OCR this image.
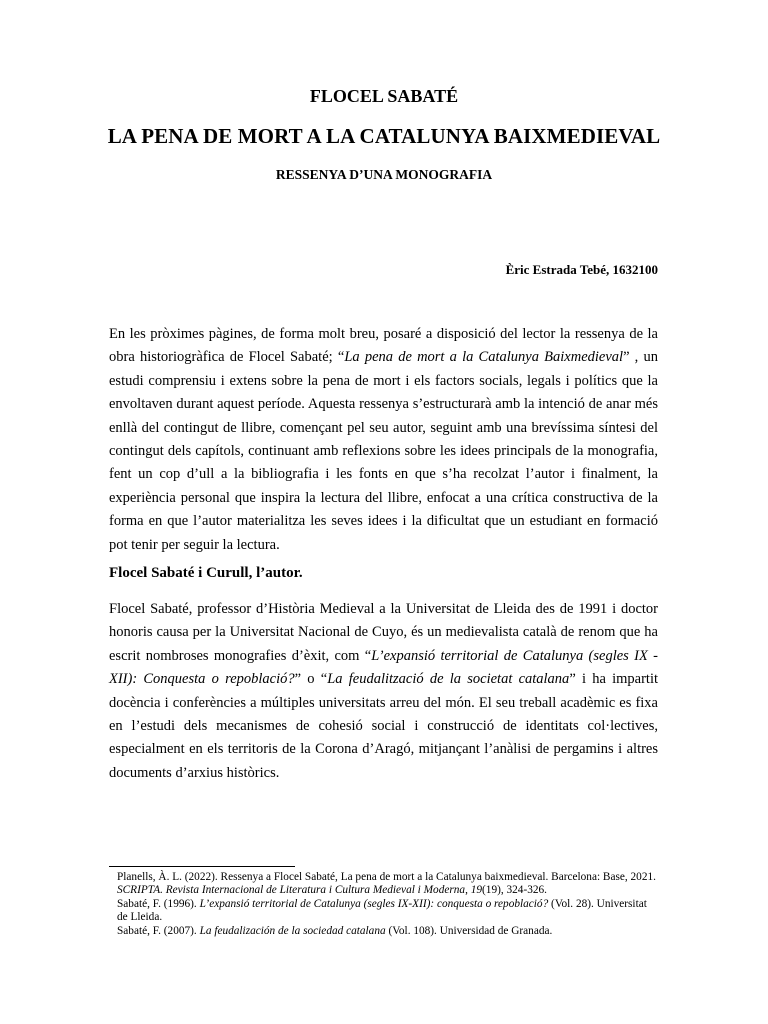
FLOCEL SABATÉ
LA PENA DE MORT A LA CATALUNYA BAIXMEDIEVAL
RESSENYA D’UNA MONOGRAFIA
Èric Estrada Tebé, 1632100

En les pròximes pàgines, de forma molt breu, posaré a disposició del lector la ressenya de la obra historiogràfica de Flocel Sabaté; “La pena de mort a la Catalunya Baixmedieval” , un estudi comprensiu i extens sobre la pena de mort i els factors socials, legals i polítics que la envoltaven durant aquest període. Aquesta ressenya s’estructurarà amb la intenció de anar més enllà del contingut de llibre, començant pel seu autor, seguint amb una brevíssima síntesi del contingut dels capítols, continuant amb reflexions sobre les idees principals de la monografia, fent un cop d’ull a la bibliografia i les fonts en que s’ha recolzat l’autor i finalment, la experiència personal que inspira la lectura del llibre, enfocat a una crítica constructiva de la forma en que l’autor materialitza les seves idees i la dificultat que un estudiant en formació pot tenir per seguir la lectura.

Flocel Sabaté i Curull, l’autor.

Flocel Sabaté, professor d’Història Medieval a la Universitat de Lleida des de 1991 i doctor honoris causa per la Universitat Nacional de Cuyo, és un medievalista català de renom que ha escrit nombroses monografies d’èxit, com “L’expansió territorial de Catalunya (segles IX -XII): Conquesta o repoblació?” o “La feudalització de la societat catalana” i ha impartit docència i conferències a múltiples universitats arreu del món. El seu treball acadèmic es fixa en l’estudi dels mecanismes de cohesió social i construcció de identitats col·lectives, especialment en els territoris de la Corona d’Aragó, mitjançant l’anàlisi de pergamins i altres documents d’arxius històrics.

Planells, À. L. (2022). Ressenya a Flocel Sabaté, La pena de mort a la Catalunya baixmedieval. Barcelona: Base, 2021. SCRIPTA. Revista Internacional de Literatura i Cultura Medieval i Moderna, 19(19), 324-326.

Sabaté, F. (1996). L’expansió territorial de Catalunya (segles IX-XII): conquesta o repoblació? (Vol. 28). Universitat de Lleida.

Sabaté, F. (2007). La feudalización de la sociedad catalana (Vol. 108). Universidad de Granada.
